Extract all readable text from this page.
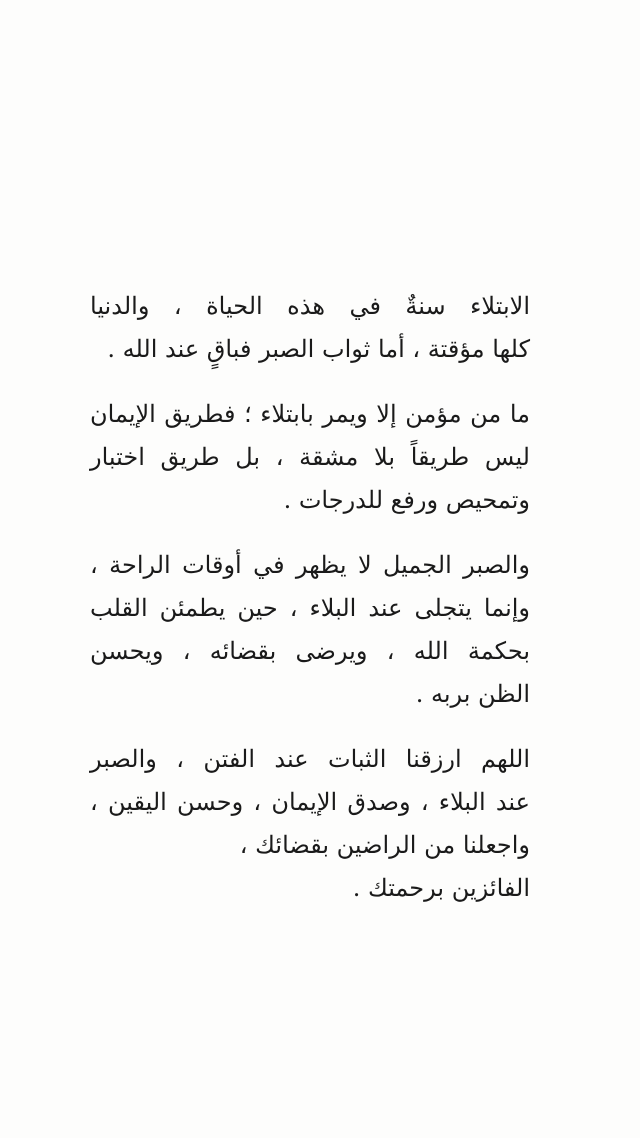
الابتلاء سنةٌ في هذه الحياة ، والدنيا
كلها مؤقتة ، أما ثواب الصبر فباقٍ عند الله .

ما من مؤمن إلا ويمر بابتلاء ؛ فطريق الإيمان
ليس طريقاً بلا مشقة ، بل طريق اختبار
وتمحيص ورفع للدرجات .

والصبر الجميل لا يظهر في أوقات الراحة ،
وإنما يتجلى عند البلاء ، حين يطمئن القلب
بحكمة الله ، ويرضى بقضائه ، ويحسن
الظن بربه .

اللهم ارزقنا الثبات عند الفتن ، والصبر
عند البلاء ، وصدق الإيمان ، وحسن اليقين ،
واجعلنا من الراضين بقضائك ،
الفائزين برحمتك .
